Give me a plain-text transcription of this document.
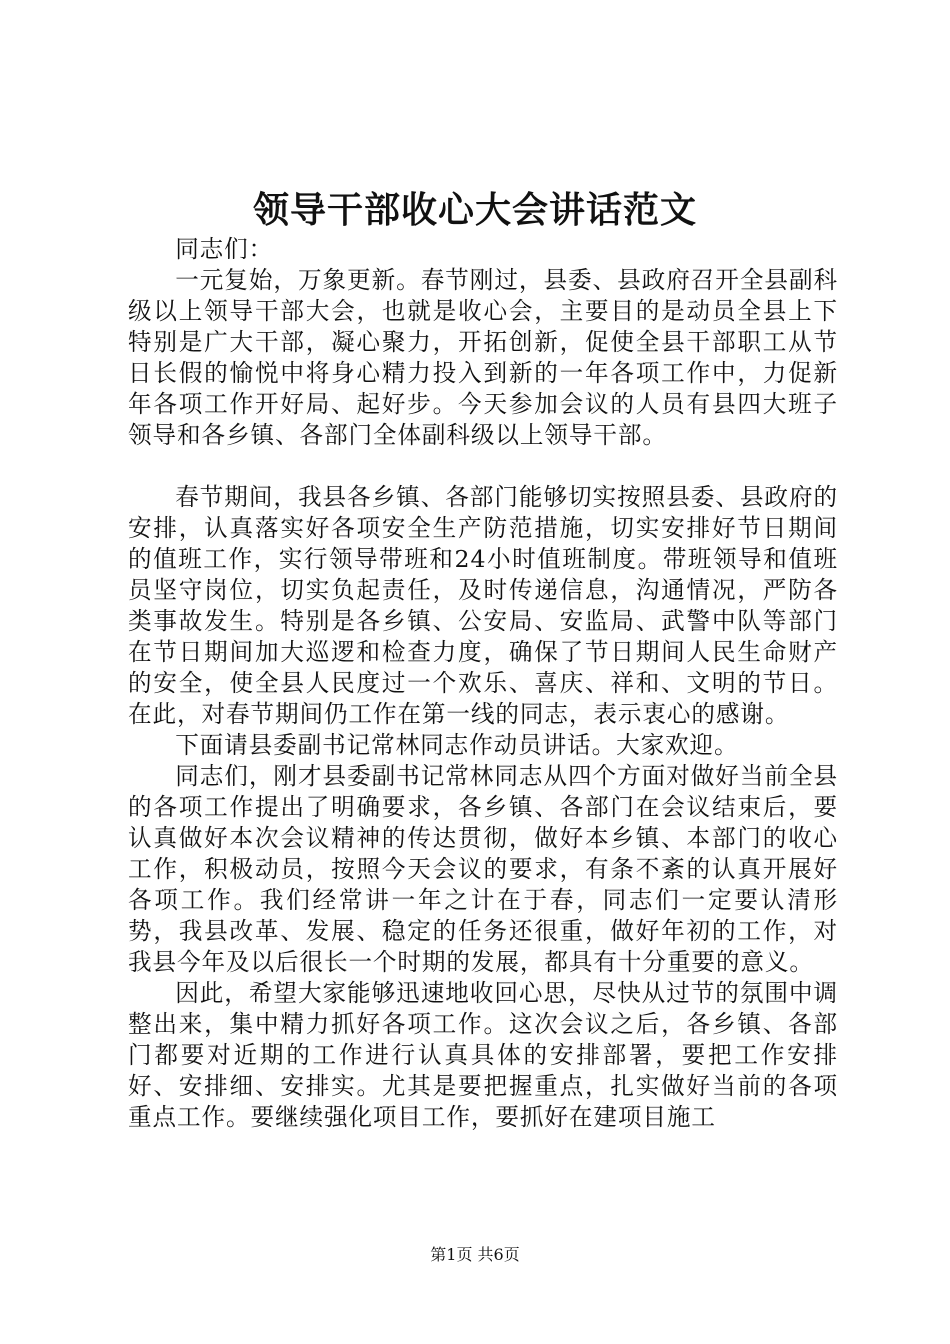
领导干部收心大会讲话范文

同志们：

一元复始，万象更新。春节刚过，县委、县政府召开全县副科级以上领导干部大会，也就是收心会，主要目的是动员全县上下特别是广大干部，凝心聚力，开拓创新，促使全县干部职工从节日长假的愉悦中将身心精力投入到新的一年各项工作中，力促新年各项工作开好局、起好步。今天参加会议的人员有县四大班子领导和各乡镇、各部门全体副科级以上领导干部。

春节期间，我县各乡镇、各部门能够切实按照县委、县政府的安排，认真落实好各项安全生产防范措施，切实安排好节日期间的值班工作，实行领导带班和24小时值班制度。带班领导和值班员坚守岗位，切实负起责任，及时传递信息，沟通情况，严防各类事故发生。特别是各乡镇、公安局、安监局、武警中队等部门在节日期间加大巡逻和检查力度，确保了节日期间人民生命财产的安全，使全县人民度过一个欢乐、喜庆、祥和、文明的节日。在此，对春节期间仍工作在第一线的同志，表示衷心的感谢。

下面请县委副书记常林同志作动员讲话。大家欢迎。

同志们，刚才县委副书记常林同志从四个方面对做好当前全县的各项工作提出了明确要求，各乡镇、各部门在会议结束后，要认真做好本次会议精神的传达贯彻，做好本乡镇、本部门的收心工作，积极动员，按照今天会议的要求，有条不紊的认真开展好各项工作。我们经常讲一年之计在于春，同志们一定要认清形势，我县改革、发展、稳定的任务还很重，做好年初的工作，对我县今年及以后很长一个时期的发展，都具有十分重要的意义。

因此，希望大家能够迅速地收回心思，尽快从过节的氛围中调整出来，集中精力抓好各项工作。这次会议之后，各乡镇、各部门都要对近期的工作进行认真具体的安排部署，要把工作安排好、安排细、安排实。尤其是要把握重点，扎实做好当前的各项重点工作。要继续强化项目工作，要抓好在建项目施工

第1页 共6页
